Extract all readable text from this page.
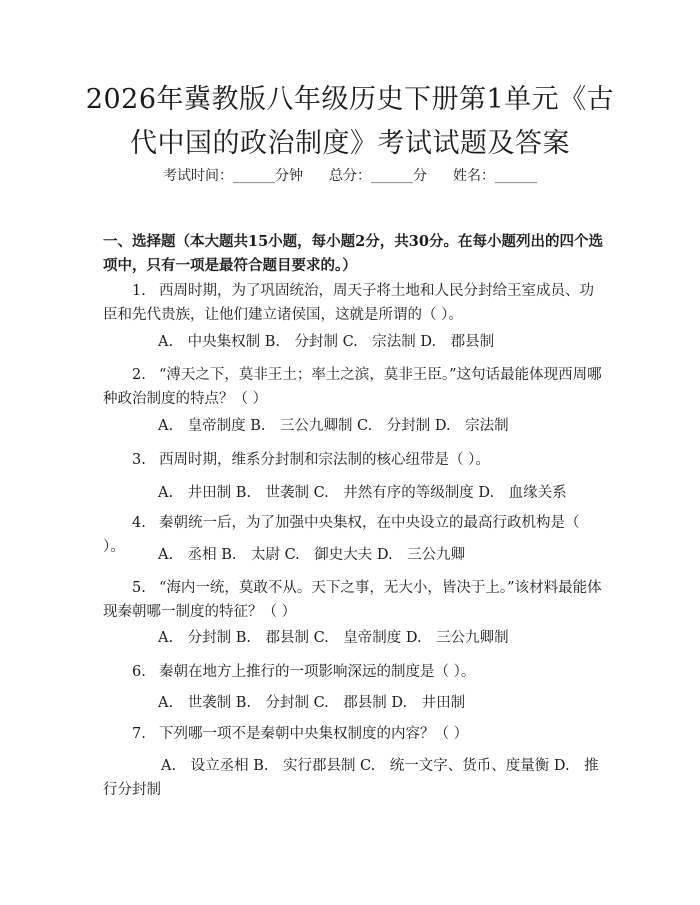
2026年冀教版八年级历史下册第1单元《古
代中国的政治制度》考试试题及答案
考试时间：______分钟 总分：______分 姓名：______
一、选择题（本大题共15小题，每小题2分，共30分。在每小题列出的四个选项中，只有一项是最符合题目要求的。）
1. 西周时期，为了巩固统治，周天子将土地和人民分封给王室成员、功臣和先代贵族，让他们建立诸侯国，这就是所谓的（ ）。
A.　中央集权制 B.　分封制 C.　宗法制 D.　郡县制
2. “溥天之下，莫非王土；率土之滨，莫非王臣。”这句话最能体现西周哪种政治制度的特点？（ ）
A.　皇帝制度 B.　三公九卿制 C.　分封制 D.　宗法制
3. 西周时期，维系分封制和宗法制的核心纽带是（ ）。
A.　井田制 B.　世袭制 C.　井然有序的等级制度 D.　血缘关系
4. 秦朝统一后，为了加强中央集权，在中央设立的最高行政机构是（ ）。	A.　丞相 B.　太尉 C.　御史大夫 D.　三公九卿
5. “海内一统，莫敢不从。天下之事，无大小，皆决于上。”该材料最能体现秦朝哪一制度的特征？（ ）
A.　分封制 B.　郡县制 C.　皇帝制度 D.　三公九卿制
6. 秦朝在地方上推行的一项影响深远的制度是（ ）。
A.　世袭制 B.　分封制 C.　郡县制 D.　井田制
7. 下列哪一项不是秦朝中央集权制度的内容？（ ）
A.　设立丞相 B.　实行郡县制 C.　统一文字、货币、度量衡 D.　推行分封制
